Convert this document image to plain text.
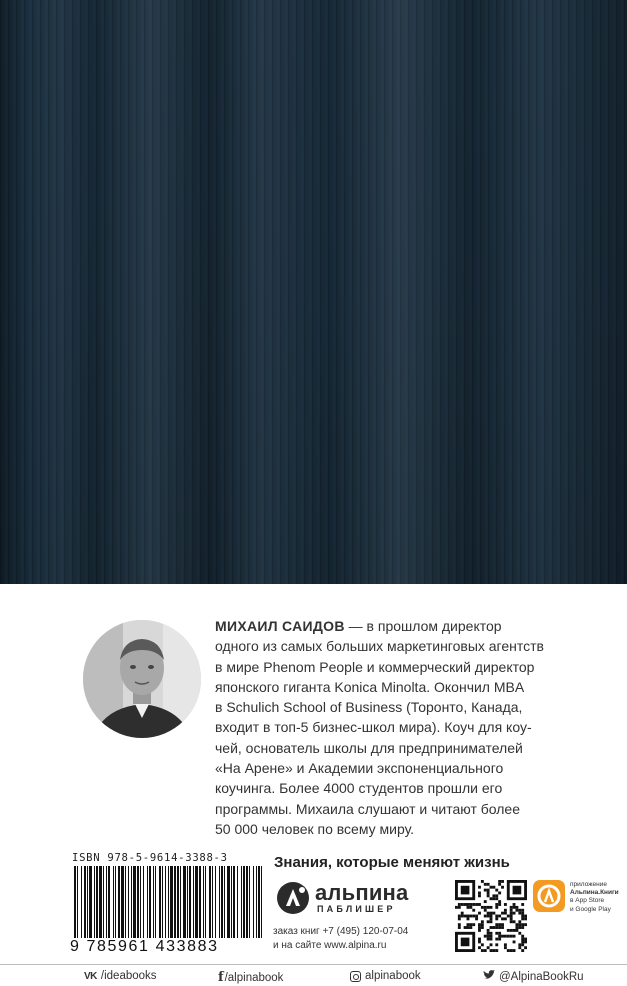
МИХАИЛ САИДОВ — в прошлом директор
одного из самых больших маркетинговых агентств
в мире Phenom People и коммерческий директор
японского гиганта Konica Minolta. Окончил MBA
в Schulich School of Business (Торонто, Канада,
входит в топ-5 бизнес-школ мира). Коуч для коу-
чей, основатель школы для предпринимателей
«На Арене» и Академии экспоненциального
коучинга. Более 4000 студентов прошли его
программы. Михаила слушают и читают более
50 000 человек по всему миру.
ISBN 978-5-9614-3388-3
9 785961 433883
Знания, которые меняют жизнь
альпина
ПАБЛИШЕР
заказ книг +7 (495) 120-07-04
и на сайте www.alpina.ru
приложение
Альпина.Книги
в App Store
и Google Play
VK /ideabooks	f /alpinabook	alpinabook	@AlpinaBookRu
